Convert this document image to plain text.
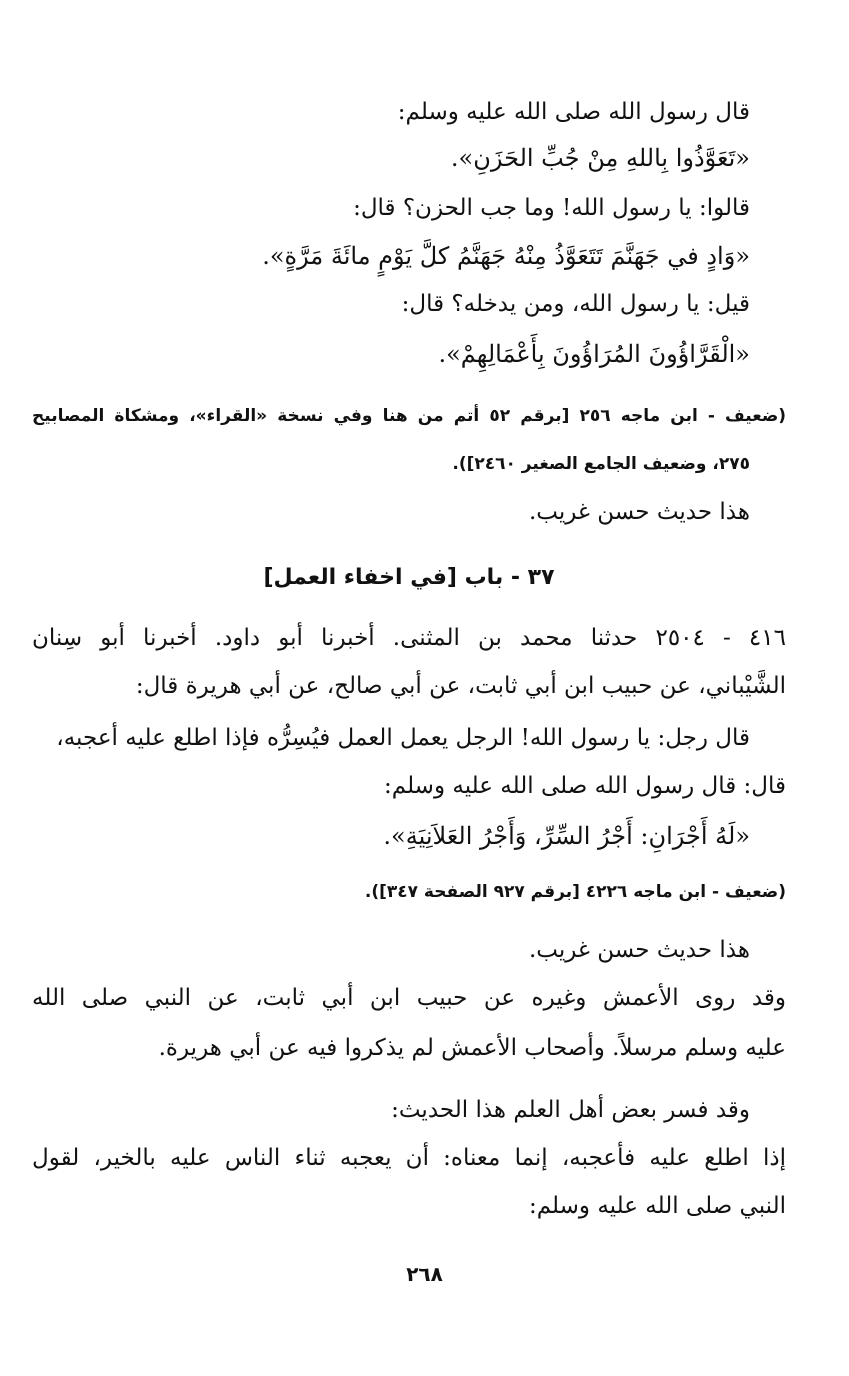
قال رسول الله صلى الله عليه وسلم:
«تَعَوَّذُوا بِاللهِ مِنْ جُبِّ الحَزَنِ».
قالوا: يا رسول الله! وما جب الحزن؟ قال:
«وَادٍ في جَهَنَّمَ تَتَعَوَّذُ مِنْهُ جَهَنَّمُ كلَّ يَوْمٍ مائَةَ مَرَّةٍ».
قيل: يا رسول الله، ومن يدخله؟ قال:
«الْقَرَّاؤُونَ المُرَاؤُونَ بِأَعْمَالِهِمْ».
(ضعيف - ابن ماجه ٢٥٦ [برقم ٥٢ أتم من هنا وفي نسخة «القراء»، ومشكاة المصابيح
٢٧٥، وضعيف الجامع الصغير ٢٤٦٠]).
هذا حديث حسن غريب.
٣٧ - باب [في اخفاء العمل]
٤١٦ - ٢٥٠٤ حدثنا محمد بن المثنى. أخبرنا أبو داود. أخبرنا أبو سِنان
الشَّيْباني، عن حبيب ابن أبي ثابت، عن أبي صالح، عن أبي هريرة قال:
قال رجل: يا رسول الله! الرجل يعمل العمل فيُسِرُّه فإذا اطلع عليه أعجبه،
قال: قال رسول الله صلى الله عليه وسلم:
«لَهُ أَجْرَانِ: أَجْرُ السِّرِّ، وَأَجْرُ العَلاَنِيَةِ».
(ضعيف - ابن ماجه ٤٢٢٦ [برقم ٩٢٧ الصفحة ٣٤٧]).
هذا حديث حسن غريب.
وقد روى الأعمش وغيره عن حبيب ابن أبي ثابت، عن النبي صلى الله
عليه وسلم مرسلاً. وأصحاب الأعمش لم يذكروا فيه عن أبي هريرة.
وقد فسر بعض أهل العلم هذا الحديث:
إذا اطلع عليه فأعجبه، إنما معناه: أن يعجبه ثناء الناس عليه بالخير، لقول
النبي صلى الله عليه وسلم:
٢٦٨
